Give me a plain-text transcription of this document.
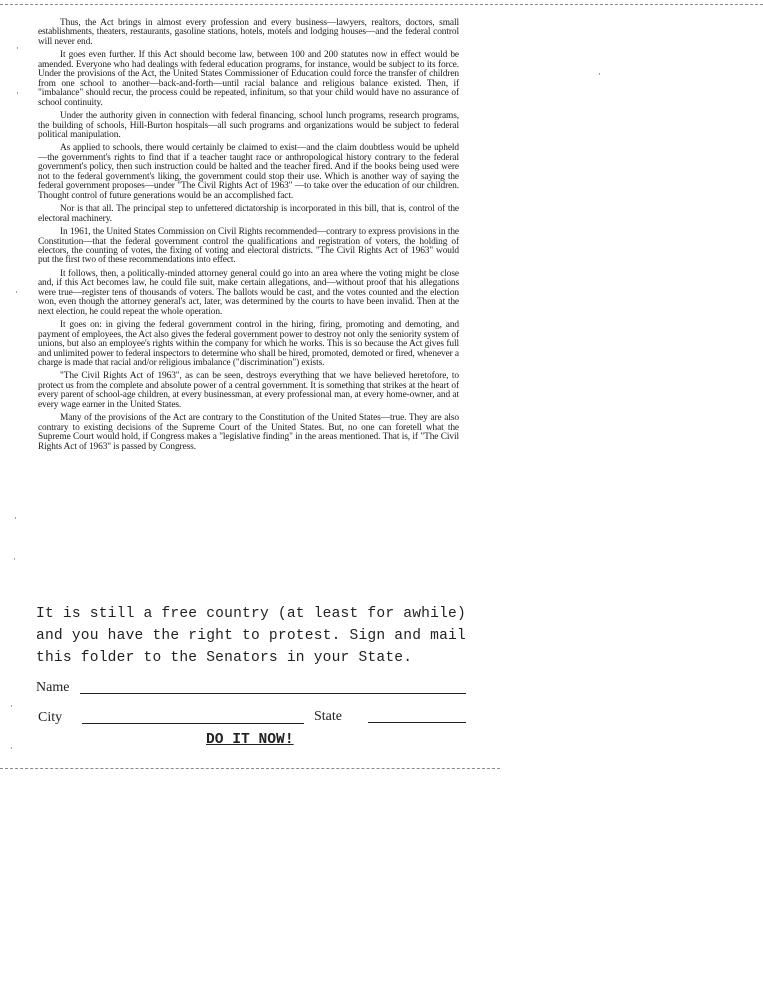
Thus, the Act brings in almost every profession and every business—lawyers, realtors, doctors, small establishments, theaters, restaurants, gasoline stations, hotels, motels and lodging houses—and the federal control will never end.

It goes even further. If this Act should become law, between 100 and 200 statutes now in effect would be amended. Everyone who had dealings with federal education programs, for instance, would be subject to its force. Under the provisions of the Act, the United States Commissioner of Education could force the transfer of children from one school to another—back-and-forth—until racial balance and religious balance existed. Then, if "imbalance" should recur, the process could be repeated, infinitum, so that your child would have no assurance of school continuity.

Under the authority given in connection with federal financing, school lunch programs, research programs, the building of schools, Hill-Burton hospitals—all such programs and organizations would be subject to federal political manipulation.

As applied to schools, there would certainly be claimed to exist—and the claim doubtless would be upheld—the government's rights to find that if a teacher taught race or anthropological history contrary to the federal government's policy, then such instruction could be halted and the teacher fired. And if the books being used were not to the federal government's liking, the government could stop their use. Which is another way of saying the federal government proposes—under "The Civil Rights Act of 1963" —to take over the education of our children. Thought control of future generations would be an accomplished fact.

Nor is that all. The principal step to unfettered dictatorship is incorporated in this bill, that is, control of the electoral machinery.

In 1961, the United States Commission on Civil Rights recommended—contrary to express provisions in the Constitution—that the federal government control the qualifications and registration of voters, the holding of electors, the counting of votes, the fixing of voting and electoral districts. "The Civil Rights Act of 1963" would put the first two of these recommendations into effect.

It follows, then, a politically-minded attorney general could go into an area where the voting might be close and, if this Act becomes law, he could file suit, make certain allegations, and—without proof that his allegations were true—register tens of thousands of voters. The ballots would be cast, and the votes counted and the election won, even though the attorney general's act, later, was determined by the courts to have been invalid. Then at the next election, he could repeat the whole operation.

It goes on: in giving the federal government control in the hiring, firing, promoting and demoting, and payment of employees, the Act also gives the federal government power to destroy not only the seniority system of unions, but also an employee's rights within the company for which he works. This is so because the Act gives full and unlimited power to federal inspectors to determine who shall be hired, promoted, demoted or fired, whenever a charge is made that racial and/or religious imbalance ("discrimination") exists.

"The Civil Rights Act of 1963", as can be seen, destroys everything that we have believed heretofore, to protect us from the complete and absolute power of a central government. It is something that strikes at the heart of every parent of school-age children, at every businessman, at every professional man, at every home-owner, and at every wage earner in the United States.

Many of the provisions of the Act are contrary to the Constitution of the United States—true. They are also contrary to existing decisions of the Supreme Court of the United States. But, no one can foretell what the Supreme Court would hold, if Congress makes a "legislative finding" in the areas mentioned. That is, if "The Civil Rights Act of 1963" is passed by Congress.

It is still a free country (at least for awhile)

and you have the right to protest. Sign and mail

this folder to the Senators in your State.

Name
City	State
DO IT NOW!
·
·
·
·
·
·
·
·
